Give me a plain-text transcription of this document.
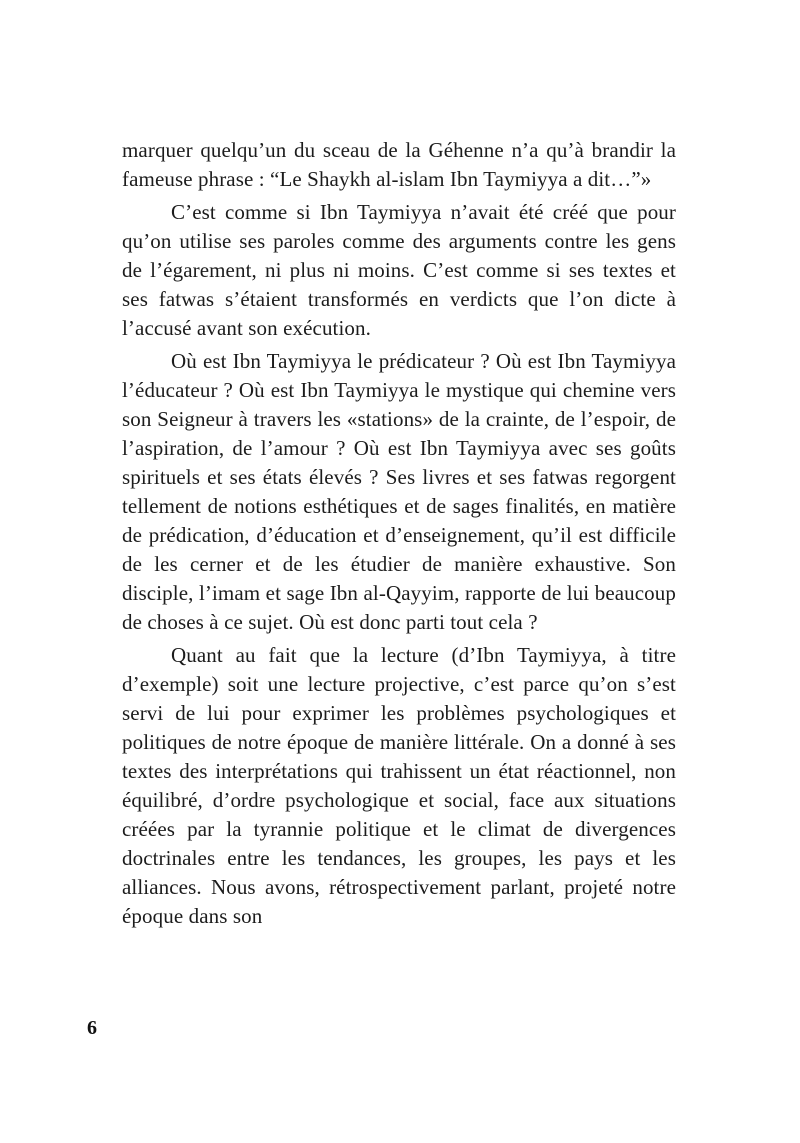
marquer quelqu’un du sceau de la Géhenne n’a qu’à brandir la fameuse phrase : “Le Shaykh al-islam Ibn Taymiyya a dit…”»

C’est comme si Ibn Taymiyya n’avait été créé que pour qu’on utilise ses paroles comme des arguments contre les gens de l’égarement, ni plus ni moins. C’est comme si ses textes et ses fatwas s’étaient transformés en verdicts que l’on dicte à l’accusé avant son exécution.

Où est Ibn Taymiyya le prédicateur ? Où est Ibn Taymiyya l’éducateur ? Où est Ibn Taymiyya le mystique qui chemine vers son Seigneur à travers les «stations» de la crainte, de l’espoir, de l’aspiration, de l’amour ? Où est Ibn Taymiyya avec ses goûts spirituels et ses états élevés ? Ses livres et ses fatwas regorgent tellement de notions esthétiques et de sages finalités, en matière de prédication, d’éducation et d’enseignement, qu’il est difficile de les cerner et de les étudier de manière exhaustive. Son disciple, l’imam et sage Ibn al-Qayyim, rapporte de lui beaucoup de choses à ce sujet. Où est donc parti tout cela ?

Quant au fait que la lecture (d’Ibn Taymiyya, à titre d’exemple) soit une lecture projective, c’est parce qu’on s’est servi de lui pour exprimer les problèmes psychologiques et politiques de notre époque de manière littérale. On a donné à ses textes des interprétations qui trahissent un état réactionnel, non équilibré, d’ordre psychologique et social, face aux situations créées par la tyrannie politique et le climat de divergences doctrinales entre les tendances, les groupes, les pays et les alliances. Nous avons, rétrospectivement parlant, projeté notre époque dans son

6
